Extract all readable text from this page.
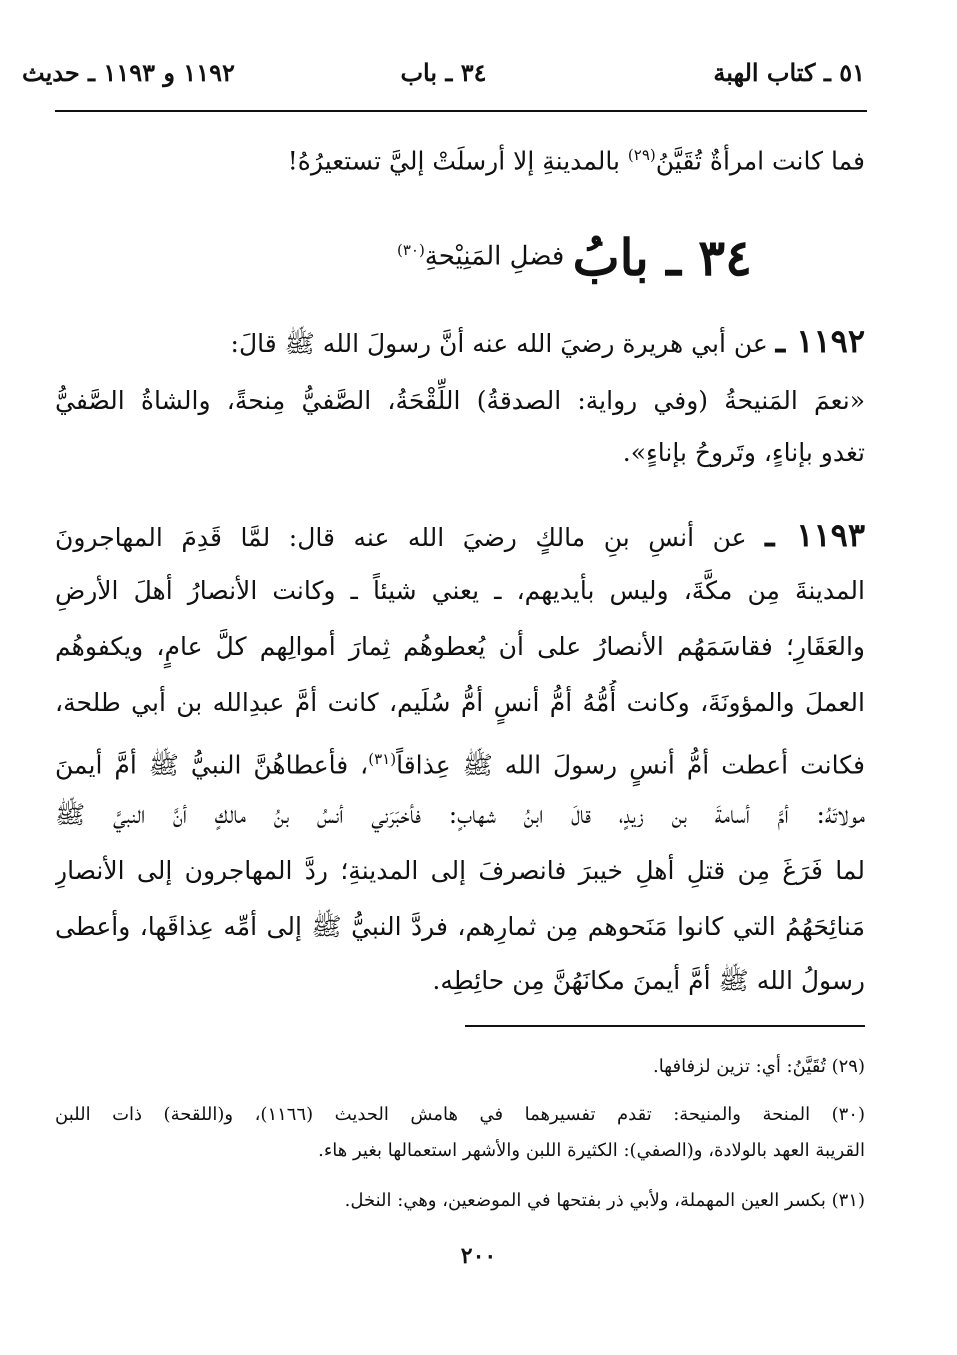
٥١ ـ كتاب الهبة
٣٤ ـ باب
١١٩٢ و ١١٩٣ ـ حديث
فما كانت امرأةٌ تُقَيَّنُ$^{(٢٩)}$ بالمدينةِ إلا أرسلَتْ إليَّ تستعيرُهُ!
٣٤ ـ بابُ فضلِ المَنِيْحةِ$^{(٣٠)}$
١١٩٢ ـ عن أبي هريرة رضيَ الله عنه أنَّ رسولَ الله ﷺ قالَ:
«نعمَ المَنيحةُ (وفي رواية: الصدقةُ) اللِّقْحَةُ، الصَّفيُّ مِنحةً، والشاةُ الصَّفيُّ
تغدو بإناءٍ، وتَروحُ بإناءٍ».
١١٩٣ ـ عن أنسِ بنِ مالكٍ رضيَ الله عنه قال: لمَّا قَدِمَ المهاجرونَ
المدينةَ مِن مكَّةَ، وليس بأيديهم، ـ يعني شيئاً ـ وكانت الأنصارُ أهلَ الأرضِ
والعَقَارِ؛ فقاسَمَهُم الأنصارُ على أن يُعطوهُم ثِمارَ أموالِهم كلَّ عامٍ، ويكفوهُم
العملَ والمؤونَةَ، وكانت أُمُّهُ أمُّ أنسٍ أمُّ سُلَيم، كانت أمَّ عبدِالله بن أبي طلحة،
فكانت أعطت أمُّ أنسٍ رسولَ الله ﷺ عِذاقاً$^{(٣١)}$، فأعطاهُنَّ النبيُّ ﷺ أمَّ أيمنَ
مولاتَهُ: أمَّ أسامةَ بن زيدٍ، قالَ ابنُ شهابٍ: فأخبَرَني أنسُ بنُ مالكٍ أنَّ النبيَّ ﷺ
لما فَرَغَ مِن قتلِ أهلِ خيبرَ فانصرفَ إلى المدينةِ؛ ردَّ المهاجرون إلى الأنصارِ
مَنائِحَهُمُ التي كانوا مَنَحوهم مِن ثمارِهم، فردَّ النبيُّ ﷺ إلى أمِّه عِذاقَها، وأعطى
رسولُ الله ﷺ أمَّ أيمنَ مكانَهُنَّ مِن حائِطِه.
(٢٩) تُقَيَّنُ: أي: تزين لزفافها.
(٣٠) المنحة والمنيحة: تقدم تفسيرهما في هامش الحديث (١١٦٦)، و(اللقحة) ذات اللبن
القريبة العهد بالولادة، و(الصفي): الكثيرة اللبن والأشهر استعمالها بغير هاء.
(٣١) بكسر العين المهملة، ولأبي ذر بفتحها في الموضعين، وهي: النخل.
٢٠٠
